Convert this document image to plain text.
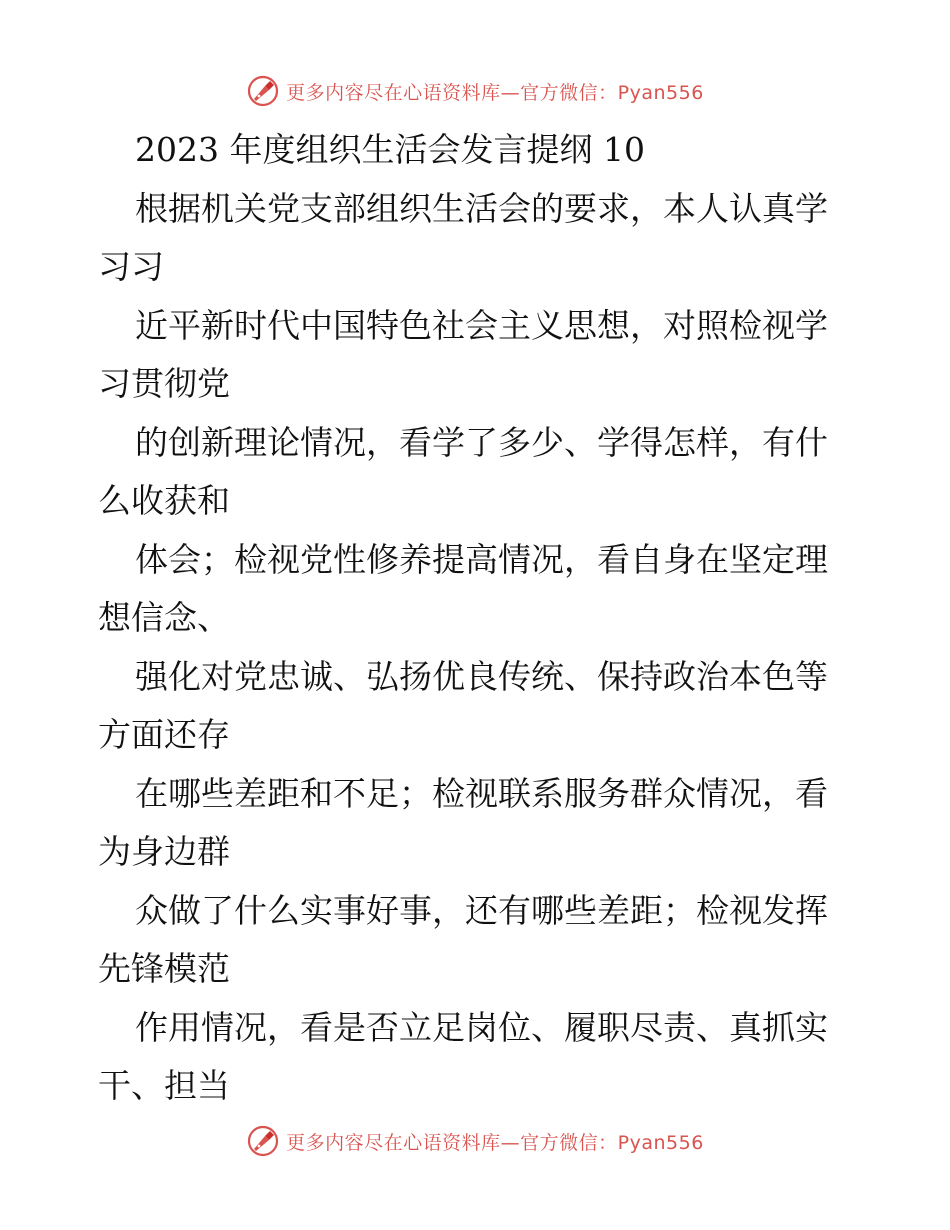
更多内容尽在心语资料库—官方微信：Pyan556
2023 年度组织生活会发言提纲 10
根据机关党支部组织生活会的要求，本人认真学
习习
近平新时代中国特色社会主义思想，对照检视学
习贯彻党
的创新理论情况，看学了多少、学得怎样，有什
么收获和
体会；检视党性修养提高情况，看自身在坚定理
想信念、
强化对党忠诚、弘扬优良传统、保持政治本色等
方面还存
在哪些差距和不足；检视联系服务群众情况，看
为身边群
众做了什么实事好事，还有哪些差距；检视发挥
先锋模范
作用情况，看是否立足岗位、履职尽责、真抓实
干、担当
更多内容尽在心语资料库—官方微信：Pyan556
